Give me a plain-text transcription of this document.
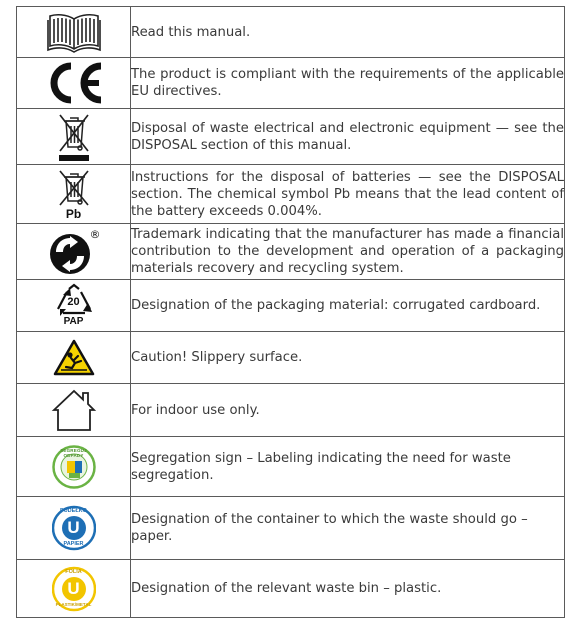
	Read this manual.

	The product is compliant with the requirements of the applicable EU directives.

	Disposal of waste electrical and electronic equipment — see the DISPOSAL section of this manual.

Pb	Instructions for the disposal of batteries — see the DISPOSAL section. The chemical symbol Pb means that the lead content of the battery exceeds 0.004%.

®	Trademark indicating that the manufacturer has made a financial contribution to the development and operation of a packaging materials recovery and recycling system.

20
PAP	Designation of the packaging material: corrugated cardboard.

	Caution! Slippery surface.

	For indoor use only.

SEGREGUJ ODPADY	Segregation sign – Labeling indicating the need for waste segregation.

PUDEŁKO
U
PAPIER	Designation of the container to which the waste should go – paper.

FOLIA
U
PLASTIK/METAL	Designation of the relevant waste bin – plastic.
